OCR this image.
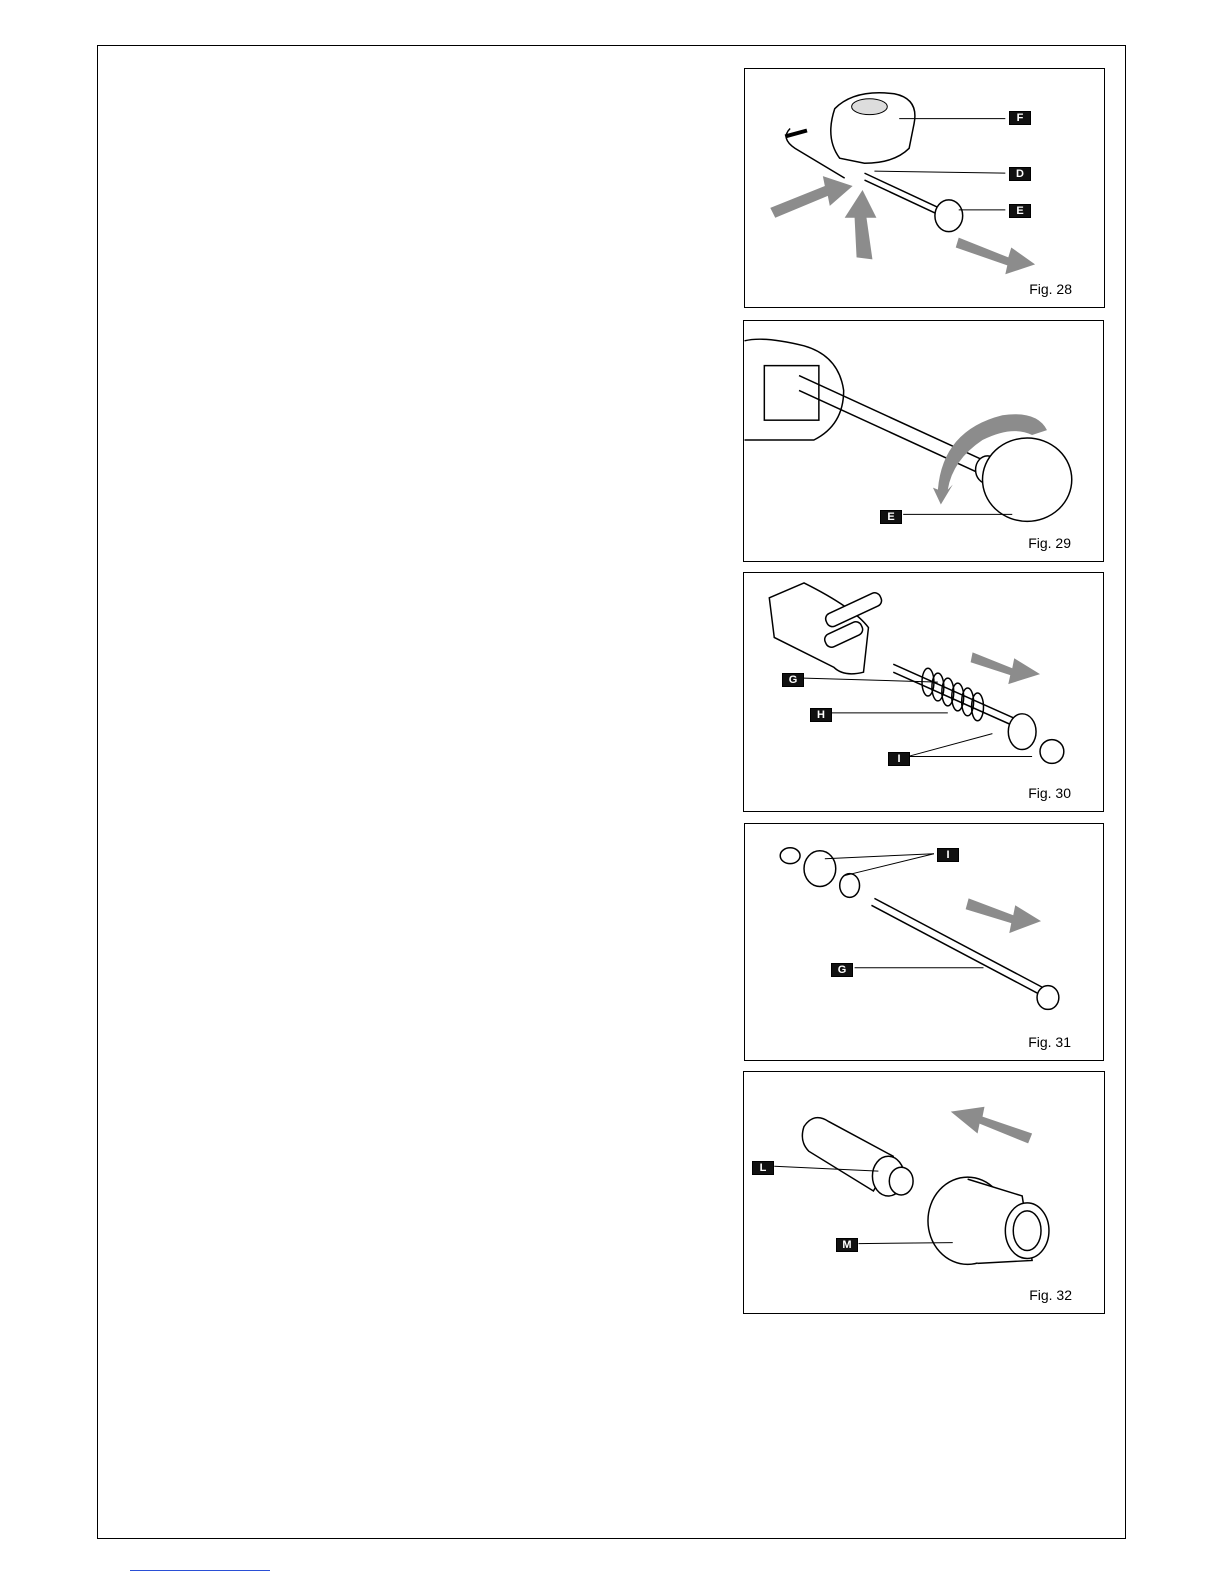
F
D
E
Fig. 28
E
Fig. 29
G
H
I
Fig. 30
I
G
Fig. 31
L
M
Fig. 32
